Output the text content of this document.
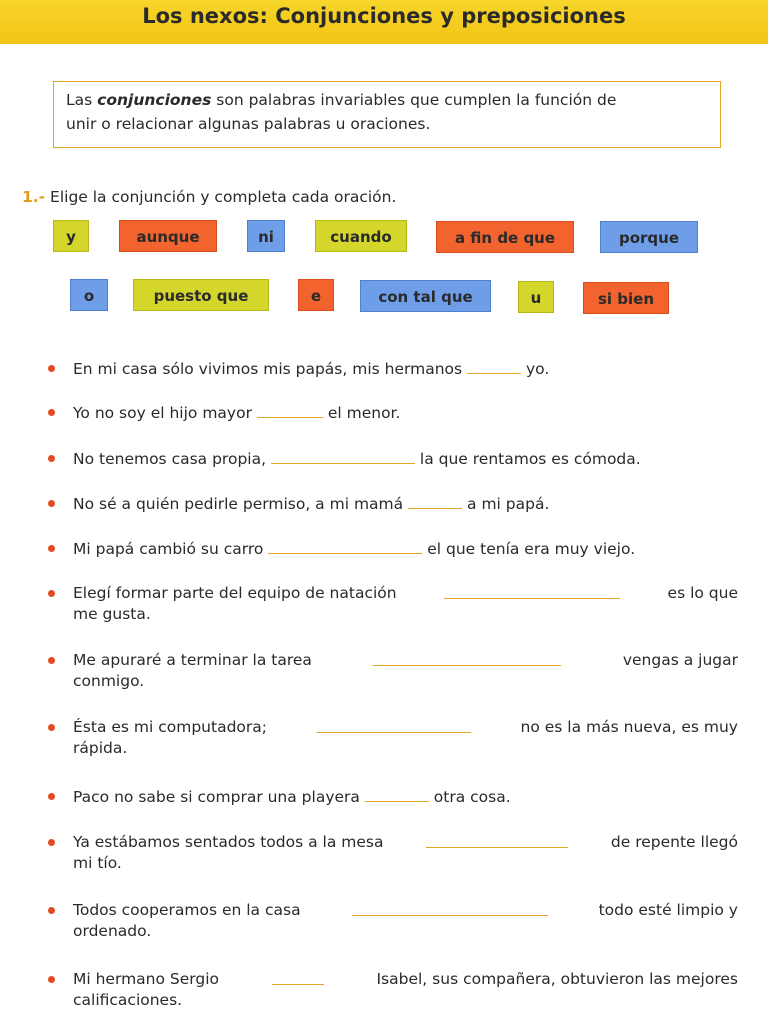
Los nexos: Conjunciones y preposiciones
Las conjunciones son palabras invariables que cumplen la función de
unir o relacionar algunas palabras u oraciones.
1.- Elige la conjunción y completa cada oración.
y	aunque	ni	cuando	a fin de que	porque
o	puesto que	e	con tal que	u	si bien
En mi casa sólo vivimos mis papás, mis hermanos	yo.
Yo no soy el hijo mayor	el menor.
No tenemos casa propia,	la que rentamos es cómoda.
No sé a quién pedirle permiso, a mi mamá	a mi papá.
Mi papá cambió su carro	el que tenía era muy viejo.
Elegí formar parte del equipo de natación	es lo que
me gusta.
Me apuraré a terminar la tarea	vengas a jugar
conmigo.
Ésta es mi computadora;	no es la más nueva, es muy
rápida.
Paco no sabe si comprar una playera	otra cosa.
Ya estábamos sentados todos a la mesa	de repente llegó
mi tío.
Todos cooperamos en la casa	todo esté limpio y
ordenado.
Mi hermano Sergio	Isabel, sus compañera, obtuvieron las mejores
calificaciones.
